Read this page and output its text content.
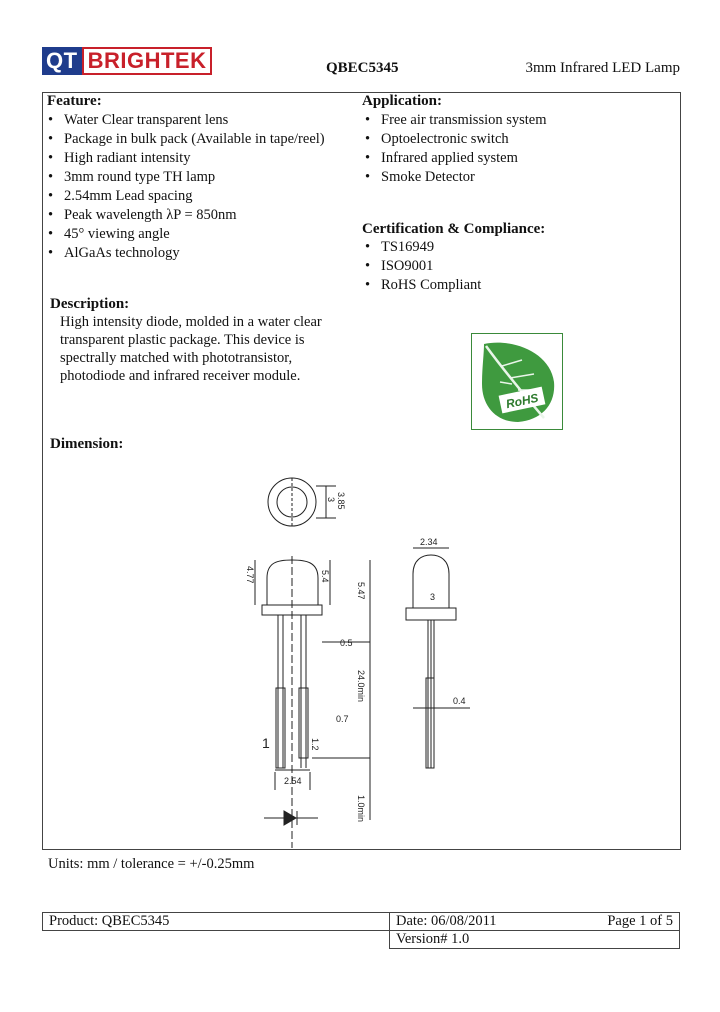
QT BRIGHTEK	QBEC5345	3mm Infrared LED Lamp
Feature:
• Water Clear transparent lens
• Package in bulk pack (Available in tape/reel)
• High radiant intensity
• 3mm round type TH lamp
• 2.54mm Lead spacing
• Peak wavelength λP = 850nm
• 45° viewing angle
• AlGaAs technology
Application:
• Free air transmission system
• Optoelectronic switch
• Infrared applied system
• Smoke Detector
Certification & Compliance:
• TS16949
• ISO9001
• RoHS Compliant
RoHS
Description:
High intensity diode, molded in a water clear transparent plastic package. This device is spectrally matched with phototransistor, photodiode and infrared receiver module.
Dimension:
3 3.85
4.77	5.4
5.47
0.5
24.0min
0.7
1
2.54
1.2
1.0min
2.34
3
0.4
Units: mm / tolerance = +/-0.25mm
Product: QBEC5345	Date: 06/08/2011	Page 1 of 5
	Version# 1.0	
